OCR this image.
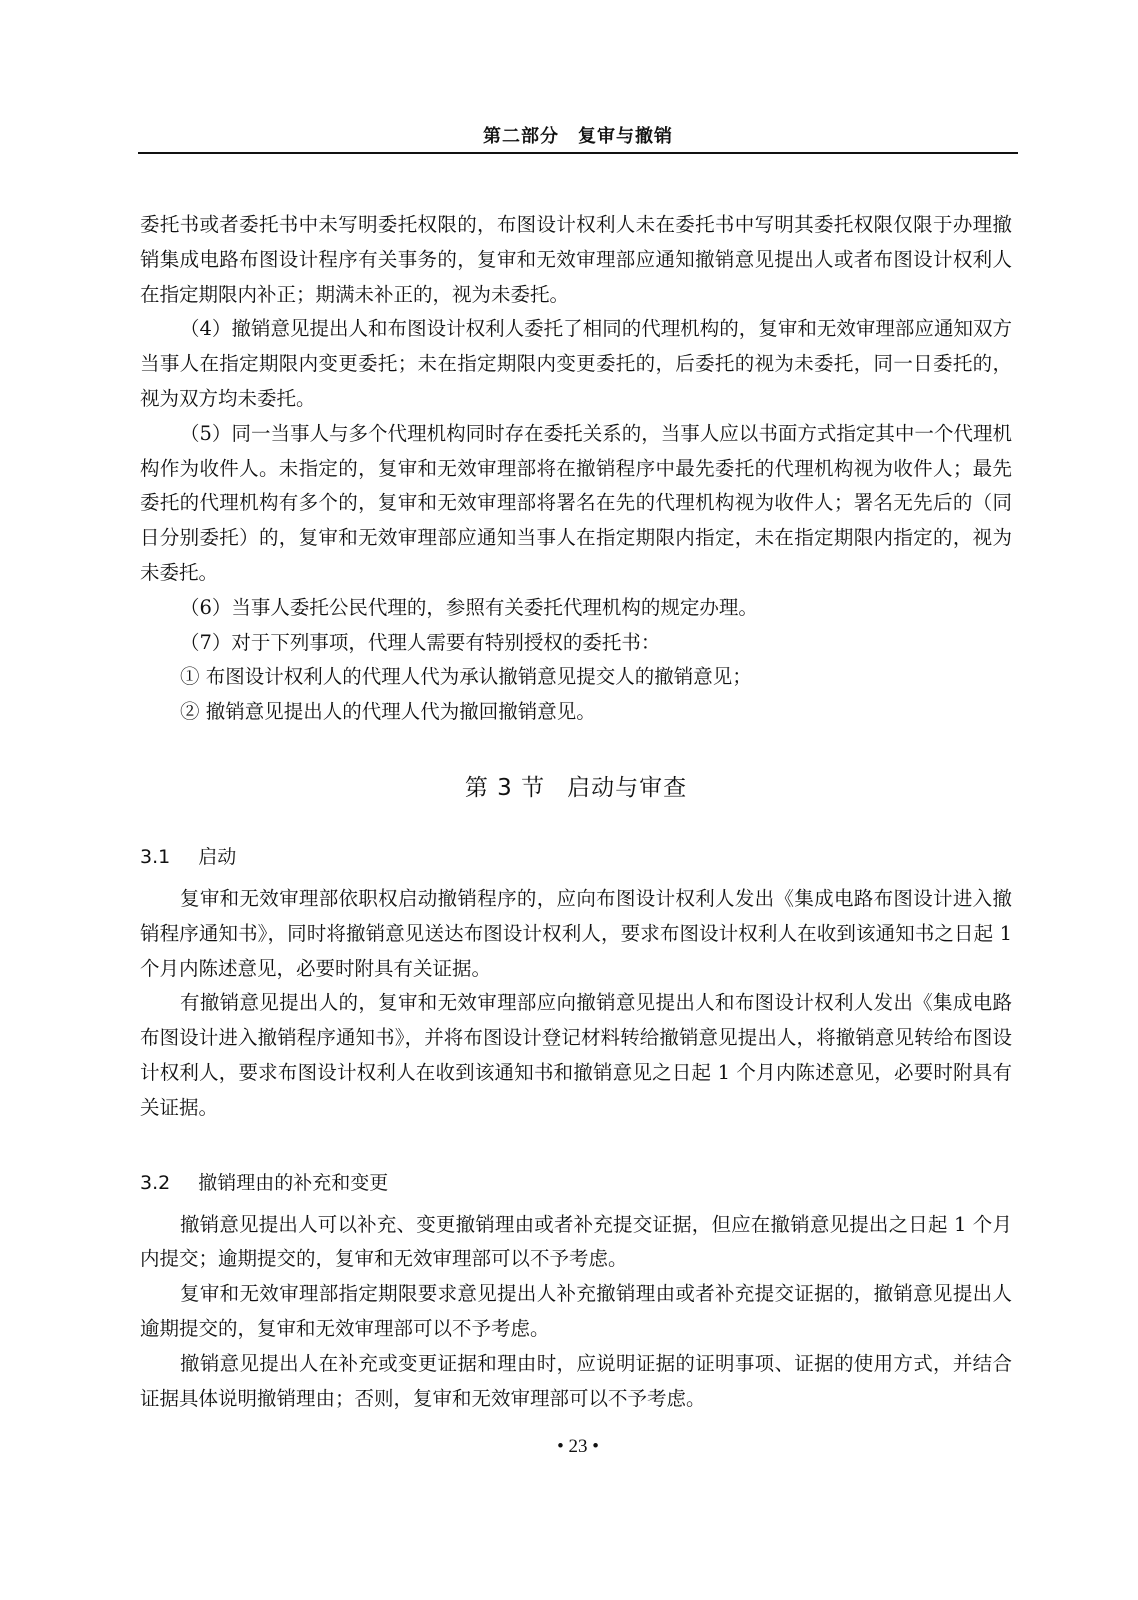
第二部分　复审与撤销

委托书或者委托书中未写明委托权限的，布图设计权利人未在委托书中写明其委托权限仅限于办理撤销集成电路布图设计程序有关事务的，复审和无效审理部应通知撤销意见提出人或者布图设计权利人在指定期限内补正；期满未补正的，视为未委托。

（4）撤销意见提出人和布图设计权利人委托了相同的代理机构的，复审和无效审理部应通知双方当事人在指定期限内变更委托；未在指定期限内变更委托的，后委托的视为未委托，同一日委托的，视为双方均未委托。

（5）同一当事人与多个代理机构同时存在委托关系的，当事人应以书面方式指定其中一个代理机构作为收件人。未指定的，复审和无效审理部将在撤销程序中最先委托的代理机构视为收件人；最先委托的代理机构有多个的，复审和无效审理部将署名在先的代理机构视为收件人；署名无先后的（同日分别委托）的，复审和无效审理部应通知当事人在指定期限内指定，未在指定期限内指定的，视为未委托。

（6）当事人委托公民代理的，参照有关委托代理机构的规定办理。

（7）对于下列事项，代理人需要有特别授权的委托书：

① 布图设计权利人的代理人代为承认撤销意见提交人的撤销意见；

② 撤销意见提出人的代理人代为撤回撤销意见。

第 3 节 启动与审查
3.1 启动

复审和无效审理部依职权启动撤销程序的，应向布图设计权利人发出《集成电路布图设计进入撤销程序通知书》，同时将撤销意见送达布图设计权利人，要求布图设计权利人在收到该通知书之日起 1 个月内陈述意见，必要时附具有关证据。

有撤销意见提出人的，复审和无效审理部应向撤销意见提出人和布图设计权利人发出《集成电路布图设计进入撤销程序通知书》，并将布图设计登记材料转给撤销意见提出人，将撤销意见转给布图设计权利人，要求布图设计权利人在收到该通知书和撤销意见之日起 1 个月内陈述意见，必要时附具有关证据。

3.2 撤销理由的补充和变更

撤销意见提出人可以补充、变更撤销理由或者补充提交证据，但应在撤销意见提出之日起 1 个月内提交；逾期提交的，复审和无效审理部可以不予考虑。

复审和无效审理部指定期限要求意见提出人补充撤销理由或者补充提交证据的，撤销意见提出人逾期提交的，复审和无效审理部可以不予考虑。

撤销意见提出人在补充或变更证据和理由时，应说明证据的证明事项、证据的使用方式，并结合证据具体说明撤销理由；否则，复审和无效审理部可以不予考虑。

• 23 •
